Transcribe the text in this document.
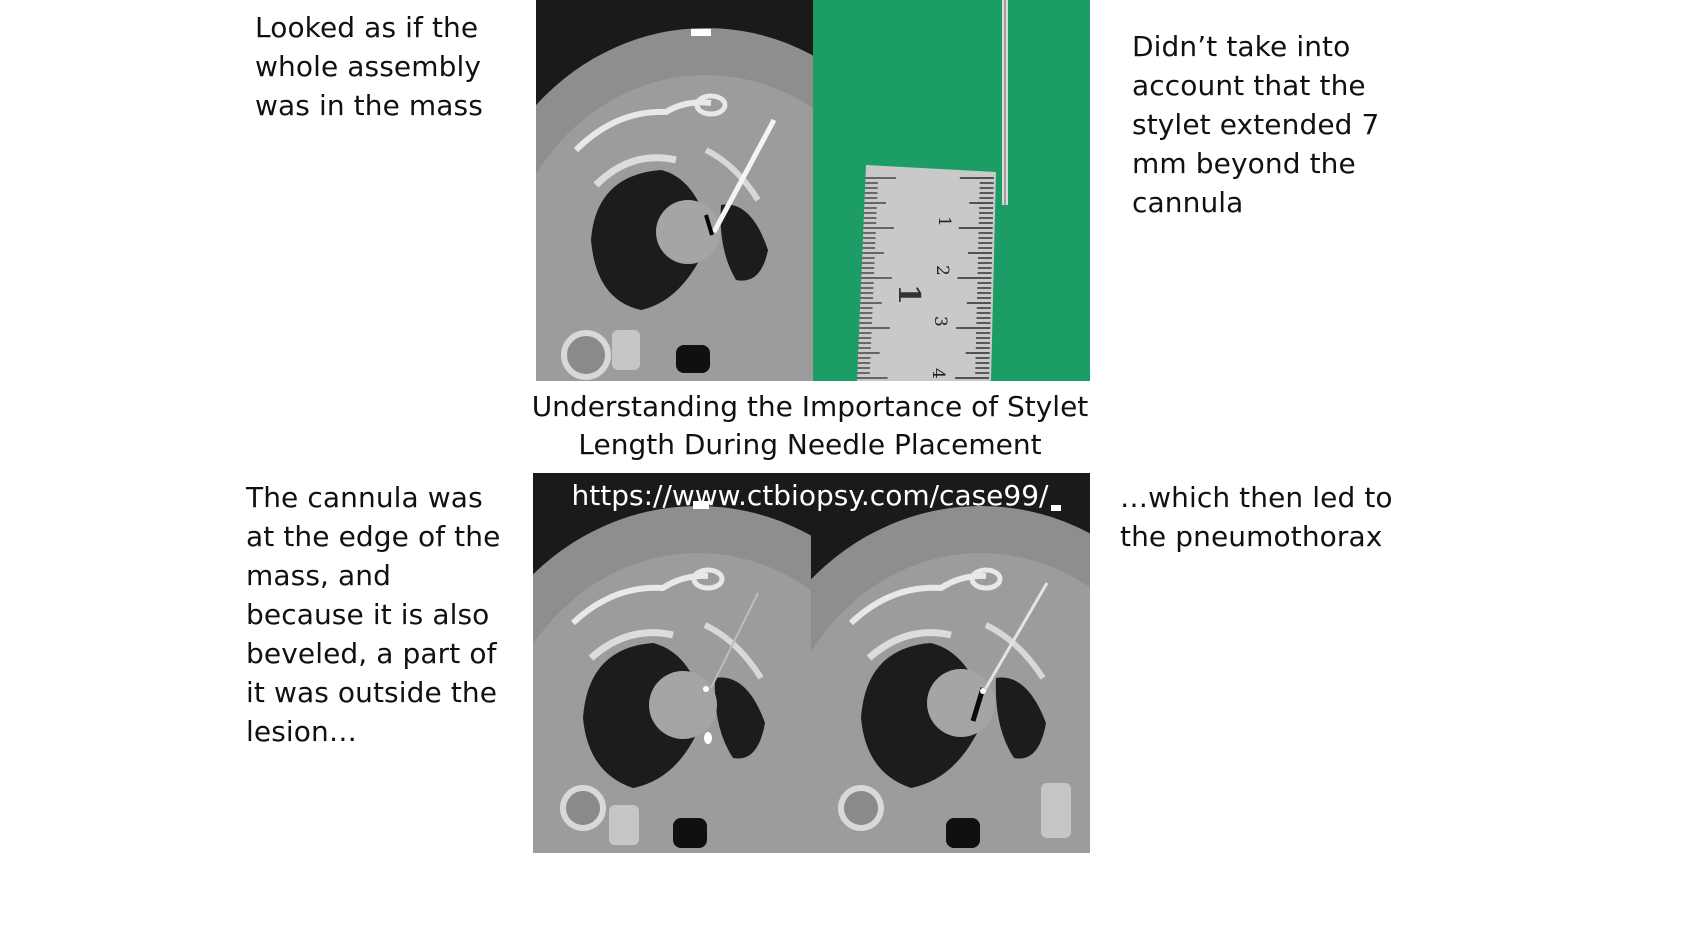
Looked as if the
whole assembly
was in the mass
Didn’t take into
account that the
stylet extended 7
mm beyond the
cannula
The cannula was
at the edge of the
mass, and
because it is also
beveled, a part of
it was outside the
lesion…
…which then led to
the pneumothorax
Understanding the Importance of Stylet
Length During Needle Placement
1
2
3
4
1
https://www.ctbiopsy.com/case99/
